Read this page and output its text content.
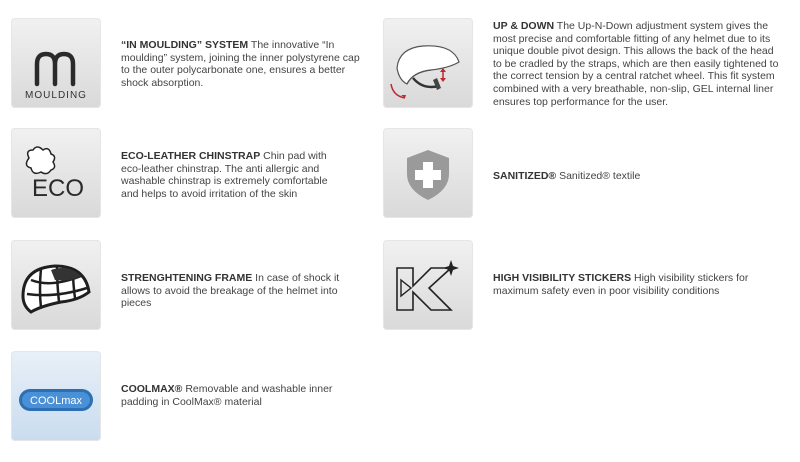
MOULDING
“IN MOULDING” SYSTEM The innovative “In moulding” system, joining the inner polystyrene cap to the outer polycarbonate one, ensures a better shock absorption.
UP & DOWN The Up-N-Down adjustment system gives the most precise and comfortable fitting of any helmet due to its unique double pivot design. This allows the back of the head to be cradled by the straps, which are then easily tightened to the correct tension by a central ratchet wheel. This fit system combined with a very breathable, non-slip, GEL internal liner ensures top performance for the user.
ECO
ECO-LEATHER CHINSTRAP Chin pad with eco-leather chinstrap. The anti allergic and washable chinstrap is extremely comfortable and helps to avoid irritation of the skin
SANITIZED® Sanitized® textile
STRENGHTENING FRAME In case of shock it allows to avoid the breakage of the helmet into pieces
HIGH VISIBILITY STICKERS High visibility stickers for maximum safety even in poor visibility conditions
COOLmax
COOLMAX® Removable and washable inner padding in CoolMax® material
